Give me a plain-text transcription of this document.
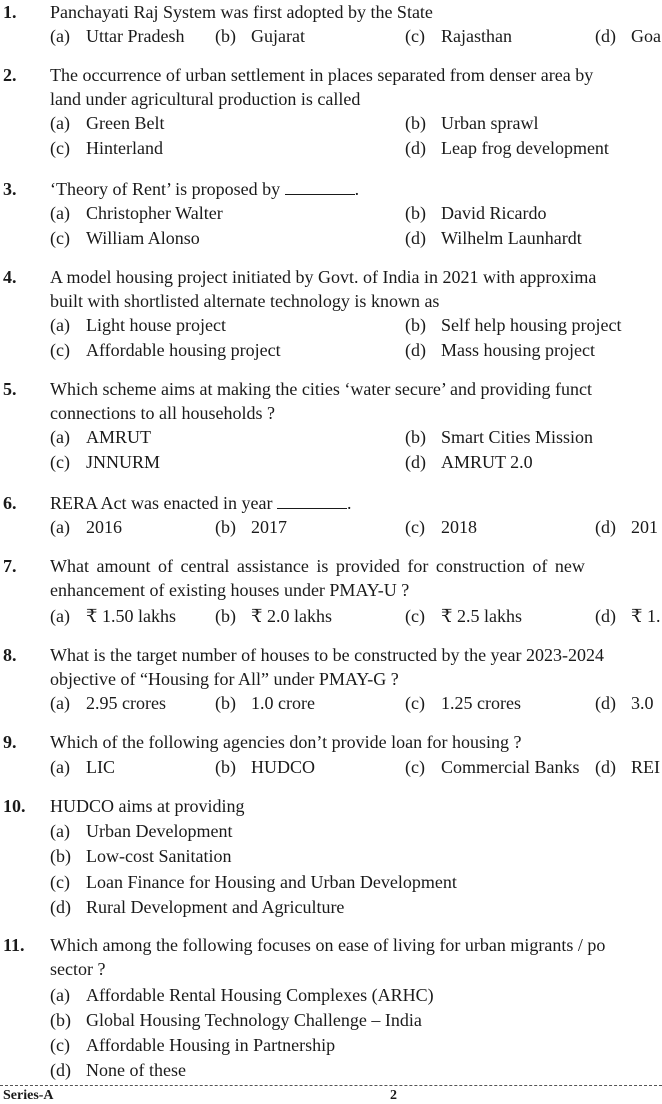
1. Panchayati Raj System was first adopted by the State
(a) Uttar Pradesh (b) Gujarat	(c) Rajasthan	(d) Goa
2. The occurrence of urban settlement in places separated from denser area by
land under agricultural production is called
(a) Green Belt	(b) Urban sprawl
(c) Hinterland	(d) Leap frog development
3. ‘Theory of Rent’ is proposed by	.
(a) Christopher Walter	(b) David Ricardo
(c) William Alonso	(d) Wilhelm Launhardt
4. A model housing project initiated by Govt. of India in 2021 with approxima
built with shortlisted alternate technology is known as
(a) Light house project	(b) Self help housing project
(c) Affordable housing project	(d) Mass housing project
5. Which scheme aims at making the cities ‘water secure’ and providing funct
connections to all households ?
(a) AMRUT	(b) Smart Cities Mission
(c) JNNURM	(d) AMRUT 2.0
6. RERA Act was enacted in year	.
(a) 2016	(b) 2017	(c) 2018	(d) 201
7. What amount of central assistance is provided for construction of new
enhancement of existing houses under PMAY-U ?
(a) ₹ 1.50 lakhs (b) ₹ 2.0 lakhs	(c) ₹ 2.5 lakhs	(d) ₹ 1.
8. What is the target number of houses to be constructed by the year 2023-2024
objective of “Housing for All” under PMAY-G ?
(a) 2.95 crores	(b) 1.0 crore	(c) 1.25 crores	(d) 3.0
9. Which of the following agencies don’t provide loan for housing ?
(a) LIC	(b) HUDCO	(c) Commercial Banks (d) REI
10. HUDCO aims at providing
(a) Urban Development
(b) Low-cost Sanitation
(c) Loan Finance for Housing and Urban Development
(d) Rural Development and Agriculture
11. Which among the following focuses on ease of living for urban migrants / po
sector ?
(a) Affordable Rental Housing Complexes (ARHC)
(b) Global Housing Technology Challenge – India
(c) Affordable Housing in Partnership
(d) None of these
Series-A	2
